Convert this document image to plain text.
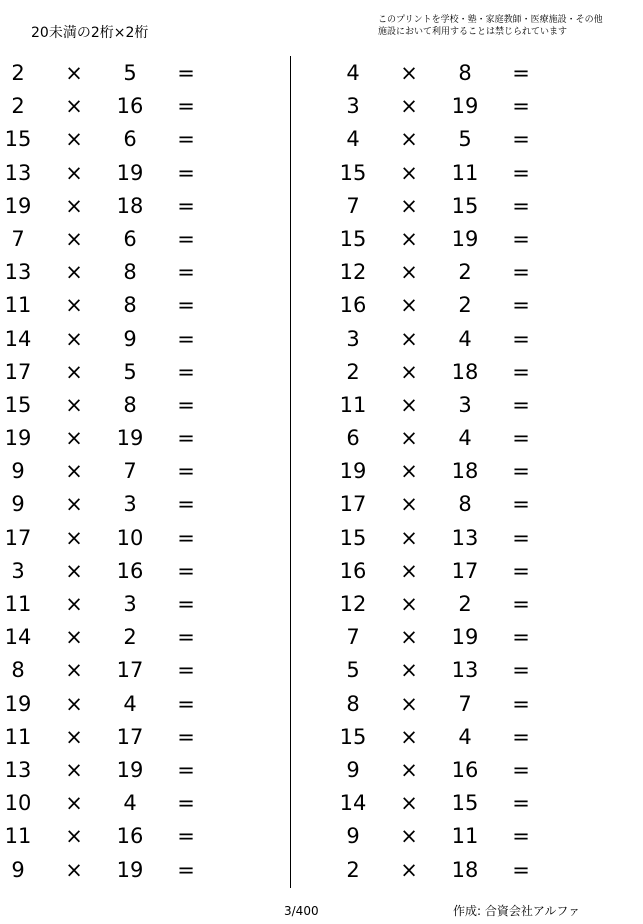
20未満の2桁×2桁
このプリントを学校・塾・家庭教師・医療施設・その他
施設において利用することは禁じられています
2	×	5	=
2	×	16	=
15	×	6	=
13	×	19	=
19	×	18	=
7	×	6	=
13	×	8	=
11	×	8	=
14	×	9	=
17	×	5	=
15	×	8	=
19	×	19	=
9	×	7	=
9	×	3	=
17	×	10	=
3	×	16	=
11	×	3	=
14	×	2	=
8	×	17	=
19	×	4	=
11	×	17	=
13	×	19	=
10	×	4	=
11	×	16	=
9	×	19	=
4	×	8	=
3	×	19	=
4	×	5	=
15	×	11	=
7	×	15	=
15	×	19	=
12	×	2	=
16	×	2	=
3	×	4	=
2	×	18	=
11	×	3	=
6	×	4	=
19	×	18	=
17	×	8	=
15	×	13	=
16	×	17	=
12	×	2	=
7	×	19	=
5	×	13	=
8	×	7	=
15	×	4	=
9	×	16	=
14	×	15	=
9	×	11	=
2	×	18	=
3/400	作成: 合資会社アルファ
